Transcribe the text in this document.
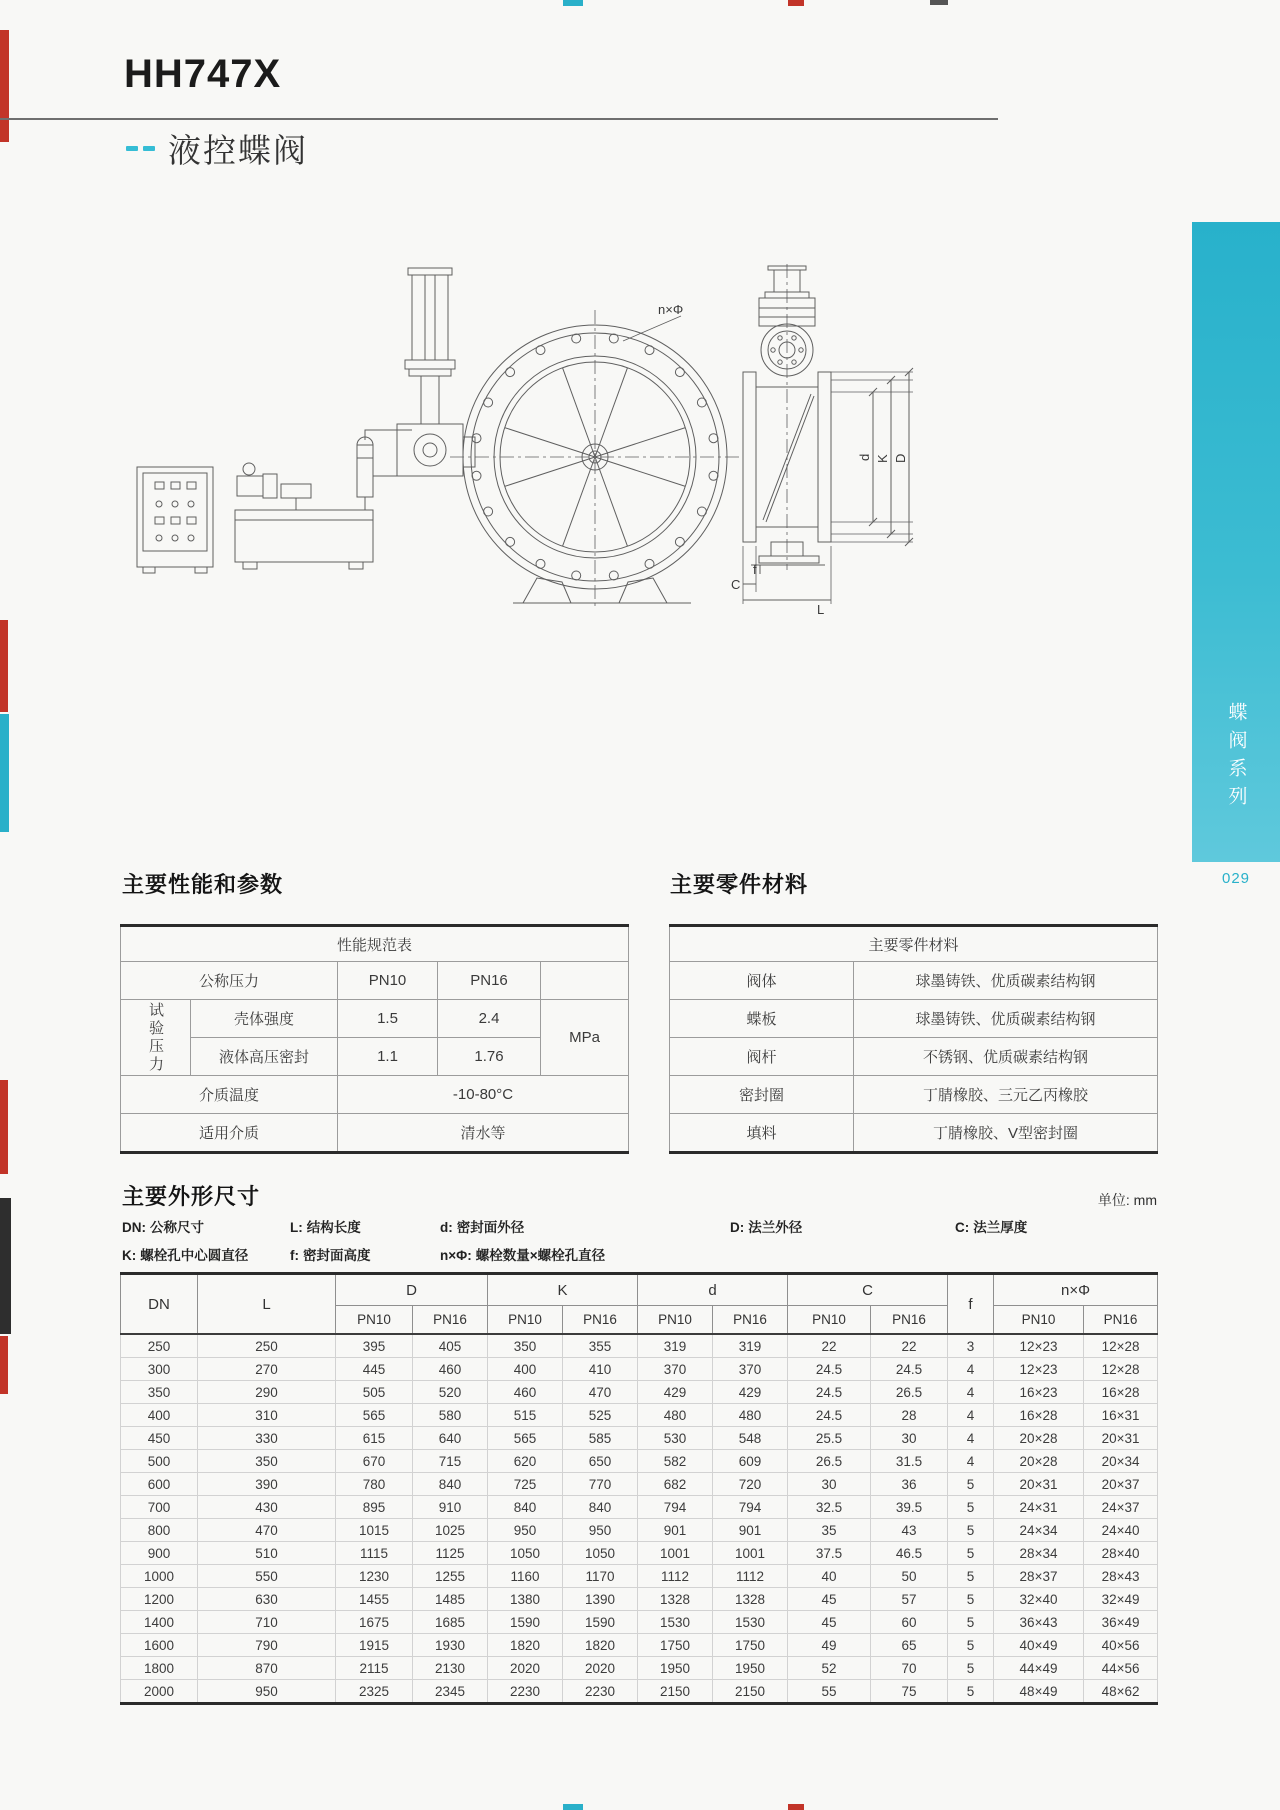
HH747X
液控蝶阀
蝶阀系列
029
n×Φ
d K D
f
C
L
主要性能和参数
性能规范表				
公称压力		PN10	PN16	
试验压力	壳体强度	1.5	2.4	MPa
	液体高压密封	1.1	1.76	
介质温度		-10-80°C		
适用介质		清水等		
主要零件材料
主要零件材料	
阀体	球墨铸铁、优质碳素结构钢
蝶板	球墨铸铁、优质碳素结构钢
阀杆	不锈钢、优质碳素结构钢
密封圈	丁腈橡胶、三元乙丙橡胶
填料	丁腈橡胶、V型密封圈
主要外形尺寸	单位: mm
DN: 公称尺寸	L: 结构长度	d: 密封面外径	D: 法兰外径	C: 法兰厚度
K: 螺栓孔中心圆直径	f: 密封面高度	n×Φ: 螺栓数量×螺栓孔直径
DN	L	D		K		d		C		f	n×Φ	
		PN10	PN16	PN10	PN16	PN10	PN16	PN10	PN16		PN10	PN16
250	250	395	405	350	355	319	319	22	22	3	12×23	12×28
300	270	445	460	400	410	370	370	24.5	24.5	4	12×23	12×28
350	290	505	520	460	470	429	429	24.5	26.5	4	16×23	16×28
400	310	565	580	515	525	480	480	24.5	28	4	16×28	16×31
450	330	615	640	565	585	530	548	25.5	30	4	20×28	20×31
500	350	670	715	620	650	582	609	26.5	31.5	4	20×28	20×34
600	390	780	840	725	770	682	720	30	36	5	20×31	20×37
700	430	895	910	840	840	794	794	32.5	39.5	5	24×31	24×37
800	470	1015	1025	950	950	901	901	35	43	5	24×34	24×40
900	510	1115	1125	1050	1050	1001	1001	37.5	46.5	5	28×34	28×40
1000	550	1230	1255	1160	1170	1112	1112	40	50	5	28×37	28×43
1200	630	1455	1485	1380	1390	1328	1328	45	57	5	32×40	32×49
1400	710	1675	1685	1590	1590	1530	1530	45	60	5	36×43	36×49
1600	790	1915	1930	1820	1820	1750	1750	49	65	5	40×49	40×56
1800	870	2115	2130	2020	2020	1950	1950	52	70	5	44×49	44×56
2000	950	2325	2345	2230	2230	2150	2150	55	75	5	48×49	48×62
